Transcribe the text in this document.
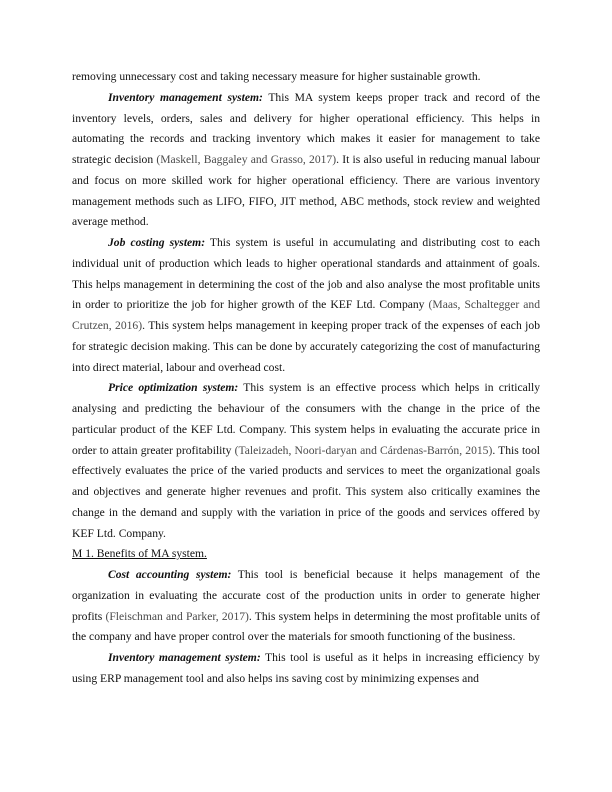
removing unnecessary cost and taking necessary measure for higher sustainable growth.

Inventory management system: This MA system keeps proper track and record of the inventory levels, orders, sales and delivery for higher operational efficiency. This helps in automating the records and tracking inventory which makes it easier for management to take strategic decision (Maskell, Baggaley and Grasso, 2017). It is also useful in reducing manual labour and focus on more skilled work for higher operational efficiency. There are various inventory management methods such as LIFO, FIFO, JIT method, ABC methods, stock review and weighted average method.

Job costing system: This system is useful in accumulating and distributing cost to each individual unit of production which leads to higher operational standards and attainment of goals. This helps management in determining the cost of the job and also analyse the most profitable units in order to prioritize the job for higher growth of the KEF Ltd. Company (Maas, Schaltegger and Crutzen, 2016). This system helps management in keeping proper track of the expenses of each job for strategic decision making. This can be done by accurately categorizing the cost of manufacturing into direct material, labour and overhead cost.

Price optimization system: This system is an effective process which helps in critically analysing and predicting the behaviour of the consumers with the change in the price of the particular product of the KEF Ltd. Company. This system helps in evaluating the accurate price in order to attain greater profitability (Taleizadeh, Noori-daryan and Cárdenas-Barrón, 2015). This tool effectively evaluates the price of the varied products and services to meet the organizational goals and objectives and generate higher revenues and profit. This system also critically examines the change in the demand and supply with the variation in price of the goods and services offered by KEF Ltd. Company.

M 1. Benefits of MA system.

Cost accounting system: This tool is beneficial because it helps management of the organization in evaluating the accurate cost of the production units in order to generate higher profits (Fleischman and Parker, 2017). This system helps in determining the most profitable units of the company and have proper control over the materials for smooth functioning of the business.

Inventory management system: This tool is useful as it helps in increasing efficiency by using ERP management tool and also helps ins saving cost by minimizing expenses and
